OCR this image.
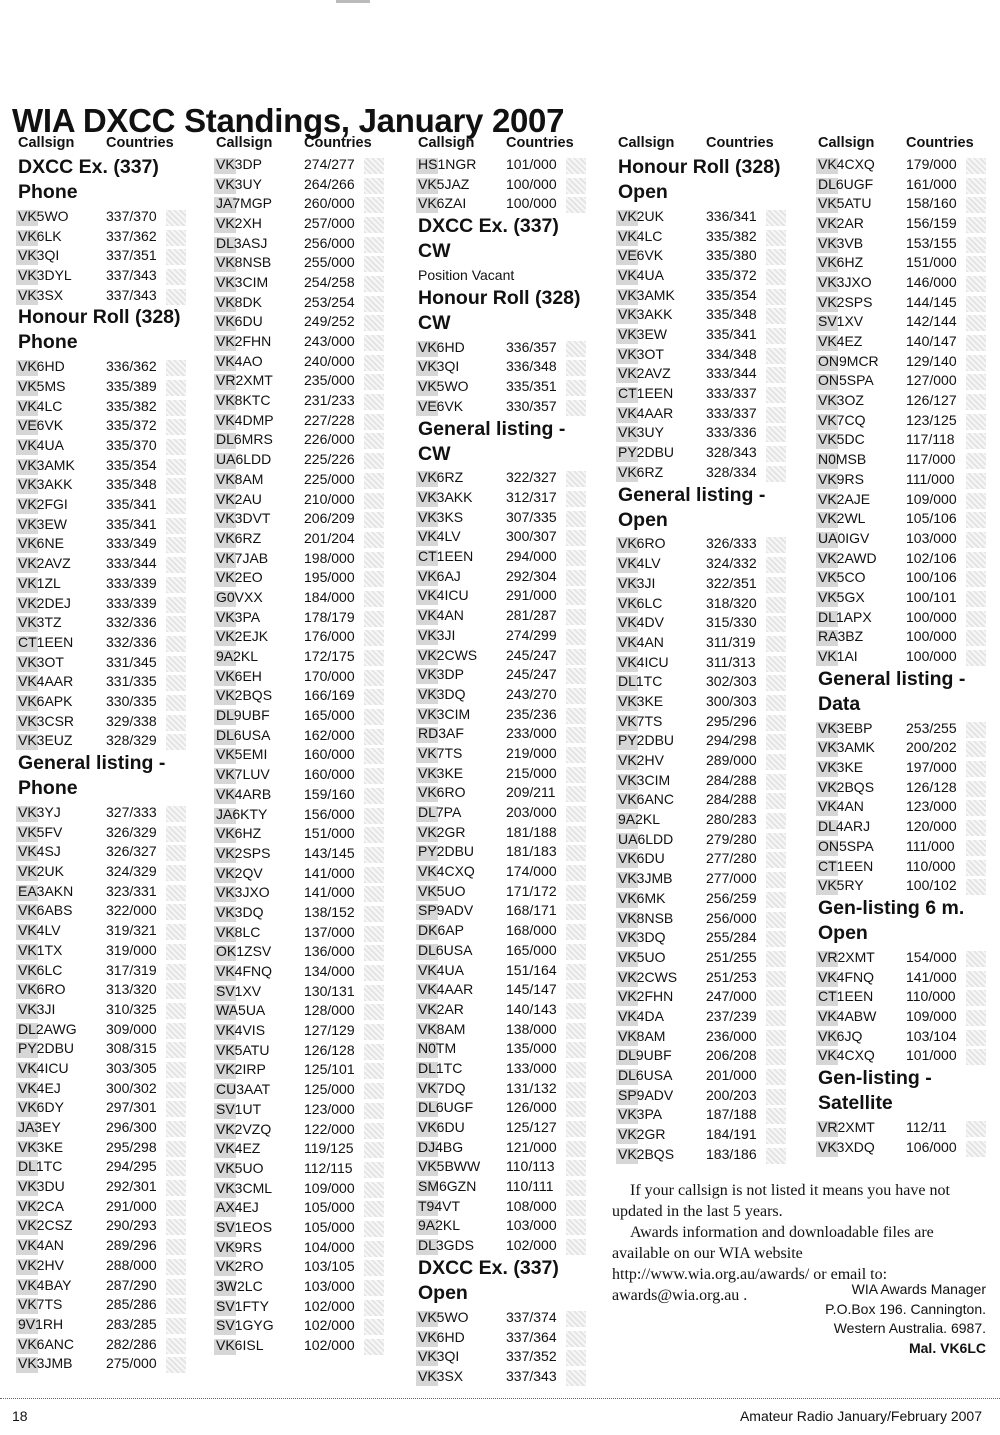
WIA DXCC Standings, January 2007
Callsign	Countries
DXCC Ex. (337) Phone
VK5WO	337/370
VK6LK	337/362
VK3QI	337/351
VK3DYL	337/343
VK3SX	337/343
Honour Roll (328) Phone
VK6HD	336/362
VK5MS	335/389
VK4LC	335/382
VE6VK	335/372
VK4UA	335/370
VK3AMK	335/354
VK3AKK	335/348
VK2FGI	335/341
VK3EW	335/341
VK6NE	333/349
VK2AVZ	333/344
VK1ZL	333/339
VK2DEJ	333/339
VK3TZ	332/336
CT1EEN	332/336
VK3OT	331/345
VK4AAR	331/335
VK6APK	330/335
VK3CSR	329/338
VK3EUZ	328/329
General listing - Phone
VK3YJ	327/333
VK5FV	326/329
VK4SJ	326/327
VK2UK	324/329
EA3AKN	323/331
VK6ABS	322/000
VK4LV	319/321
VK1TX	319/000
VK6LC	317/319
VK6RO	313/320
VK3JI	310/325
DL2AWG	309/000
PY2DBU	308/315
VK4ICU	303/305
VK4EJ	300/302
VK6DY	297/301
JA3EY	296/300
VK3KE	295/298
DL1TC	294/295
VK3DU	292/301
VK2CA	291/000
VK2CSZ	290/293
VK4AN	289/296
VK2HV	288/000
VK4BAY	287/290
VK7TS	285/286
9V1RH	283/285
VK6ANC	282/286
VK3JMB	275/000
Callsign	Countries
VK3DP	274/277
VK3UY	264/266
JA7MGP	260/000
VK2XH	257/000
DL3ASJ	256/000
VK8NSB	255/000
VK3CIM	254/258
VK8DK	253/254
VK6DU	249/252
VK2FHN	243/000
VK4AO	240/000
VR2XMT	235/000
VK8KTC	231/233
VK4DMP	227/228
DL6MRS	226/000
UA6LDD	225/226
VK8AM	225/000
VK2AU	210/000
VK3DVT	206/209
VK6RZ	201/204
VK7JAB	198/000
VK2EO	195/000
G0VXX	184/000
VK3PA	178/179
VK2EJK	176/000
9A2KL	172/175
VK6EH	170/000
VK2BQS	166/169
DL9UBF	165/000
DL6USA	162/000
VK5EMI	160/000
VK7LUV	160/000
VK4ARB	159/160
JA6KTY	156/000
VK6HZ	151/000
VK2SPS	143/145
VK2QV	141/000
VK3JXO	141/000
VK3DQ	138/152
VK8LC	137/000
OK1ZSV	136/000
VK4FNQ	134/000
SV1XV	130/131
WA5UA	128/000
VK4VIS	127/129
VK5ATU	126/128
VK2IRP	125/101
CU3AAT	125/000
SV1UT	123/000
VK2VZQ	122/000
VK4EZ	119/125
VK5UO	112/115
VK3CML	109/000
AX4EJ	105/000
SV1EOS	105/000
VK9RS	104/000
VK2RO	103/105
3W2LC	103/000
SV1FTY	102/000
SV1GYG	102/000
VK6ISL	102/000
Callsign	Countries
HS1NGR	101/000
VK5JAZ	100/000
VK6ZAI	100/000
DXCC Ex. (337) CW
Position Vacant
Honour Roll (328) CW
VK6HD	336/357
VK3QI	336/348
VK5WO	335/351
VE6VK	330/357
General listing - CW
VK6RZ	322/327
VK3AKK	312/317
VK3KS	307/335
VK4LV	300/307
CT1EEN	294/000
VK6AJ	292/304
VK4ICU	291/000
VK4AN	281/287
VK3JI	274/299
VK2CWS	245/247
VK3DP	245/247
VK3DQ	243/270
VK3CIM	235/236
RD3AF	233/000
VK7TS	219/000
VK3KE	215/000
VK6RO	209/211
DL7PA	203/000
VK2GR	181/188
PY2DBU	181/183
VK4CXQ	174/000
VK5UO	171/172
SP9ADV	168/171
DK6AP	168/000
DL6USA	165/000
VK4UA	151/164
VK4AAR	145/147
VK2AR	140/143
VK8AM	138/000
N0TM	135/000
DL1TC	133/000
VK7DQ	131/132
DL6UGF	126/000
VK6DU	125/127
DJ4BG	121/000
VK5BWW	110/113
SM6GZN	110/111
T94VT	108/000
9A2KL	103/000
DL3GDS	102/000
DXCC Ex. (337) Open
VK5WO	337/374
VK6HD	337/364
VK3QI	337/352
VK3SX	337/343
Callsign	Countries
Honour Roll (328) Open
VK2UK	336/341
VK4LC	335/382
VE6VK	335/380
VK4UA	335/372
VK3AMK	335/354
VK3AKK	335/348
VK3EW	335/341
VK3OT	334/348
VK2AVZ	333/344
CT1EEN	333/337
VK4AAR	333/337
VK3UY	333/336
PY2DBU	328/343
VK6RZ	328/334
General listing - Open
VK6RO	326/333
VK4LV	324/332
VK3JI	322/351
VK6LC	318/320
VK4DV	315/330
VK4AN	311/319
VK4ICU	311/313
DL1TC	302/303
VK3KE	300/303
VK7TS	295/296
PY2DBU	294/298
VK2HV	289/000
VK3CIM	284/288
VK6ANC	284/288
9A2KL	280/283
UA6LDD	279/280
VK6DU	277/280
VK3JMB	277/000
VK6MK	256/259
VK8NSB	256/000
VK3DQ	255/284
VK5UO	251/255
VK2CWS	251/253
VK2FHN	247/000
VK4DA	237/239
VK8AM	236/000
DL9UBF	206/208
DL6USA	201/000
SP9ADV	200/203
VK3PA	187/188
VK2GR	184/191
VK2BQS	183/186
Callsign	Countries
VK4CXQ	179/000
DL6UGF	161/000
VK5ATU	158/160
VK2AR	156/159
VK3VB	153/155
VK6HZ	151/000
VK3JXO	146/000
VK2SPS	144/145
SV1XV	142/144
VK4EZ	140/147
ON9MCR	129/140
ON5SPA	127/000
VK3OZ	126/127
VK7CQ	123/125
VK5DC	117/118
N0MSB	117/000
VK9RS	111/000
VK2AJE	109/000
VK2WL	105/106
UA0IGV	103/000
VK2AWD	102/106
VK5CO	100/106
VK5GX	100/101
DL1APX	100/000
RA3BZ	100/000
VK1AI	100/000
General listing - Data
VK3EBP	253/255
VK3AMK	200/202
VK3KE	197/000
VK2BQS	126/128
VK4AN	123/000
DL4ARJ	120/000
ON5SPA	111/000
CT1EEN	110/000
VK5RY	100/102
Gen-listing 6 m. Open
VR2XMT	154/000
VK4FNQ	141/000
CT1EEN	110/000
VK4ABW	109/000
VK6JQ	103/104
VK4CXQ	101/000
Gen-listing - Satellite
VR2XMT	112/11
VK3XDQ	106/000

If your callsign is not listed it means you have not updated in the last 5 years.

Awards information and downloadable files are available on our WIA website http://www.wia.org.au/awards/ or email to: awards@wia.org.au .	WIA Awards Manager
P.O.Box 196. Cannington.
Western Australia. 6987.
Mal. VK6LC
18	Amateur Radio January/February 2007
